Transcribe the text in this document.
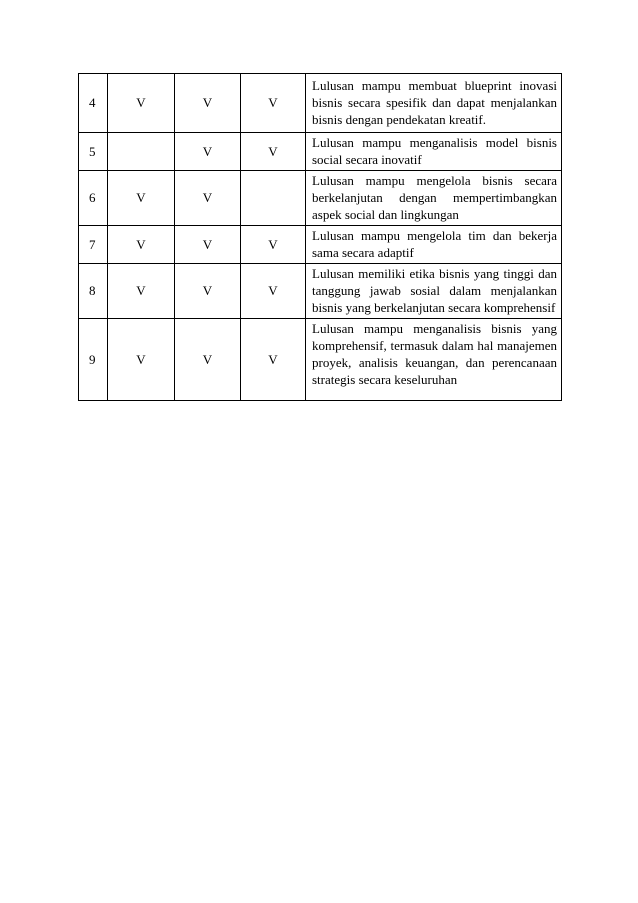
4	V	V	V	Lulusan mampu membuat blueprint inovasi bisnis secara spesifik dan dapat menjalankan bisnis dengan pendekatan kreatif.
5		V	V	Lulusan mampu menganalisis model bisnis social secara inovatif
6	V	V		Lulusan mampu mengelola bisnis secara berkelanjutan dengan mempertimbangkan aspek social dan lingkungan
7	V	V	V	Lulusan mampu mengelola tim dan bekerja sama secara adaptif
8	V	V	V	Lulusan memiliki etika bisnis yang tinggi dan tanggung jawab sosial dalam menjalankan bisnis yang berkelanjutan secara komprehensif
9	V	V	V	Lulusan mampu menganalisis bisnis yang komprehensif, termasuk dalam hal manajemen proyek, analisis keuangan, dan perencanaan strategis secara keseluruhan
